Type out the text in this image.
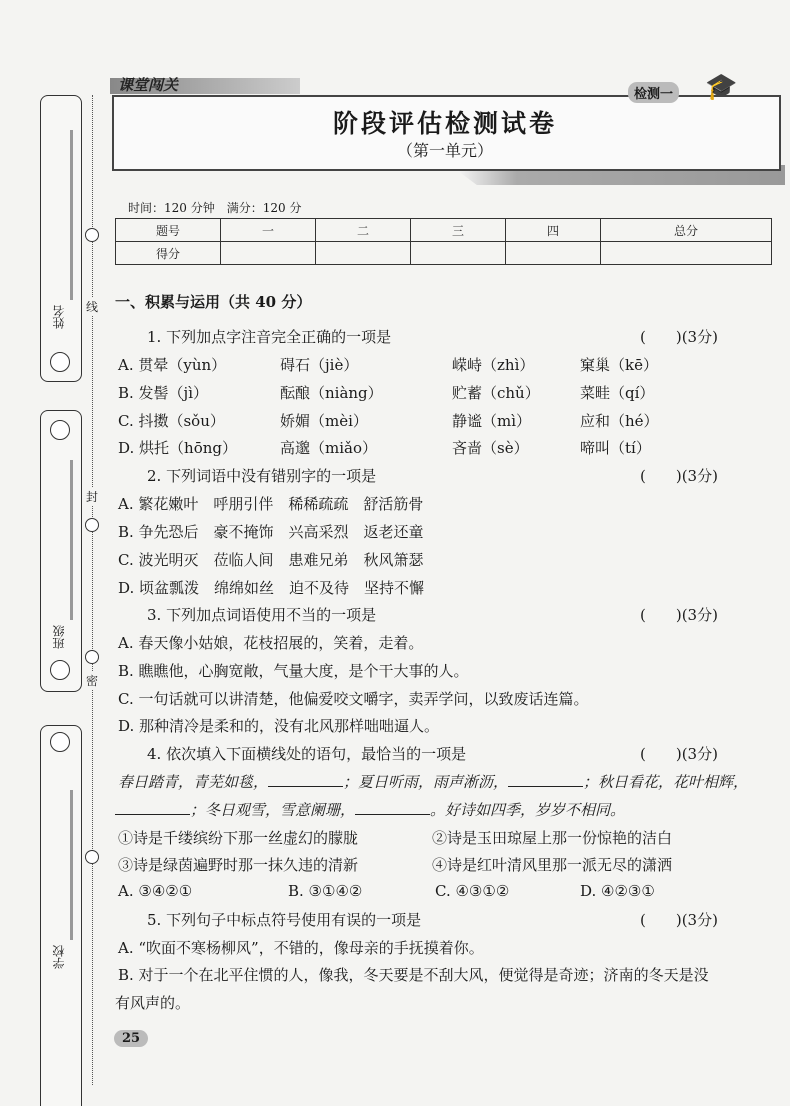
姓名
班级
学校
线
封
密
课堂闯关
检测一 🎓
阶段评估检测试卷
（第一单元）
时间：120 分钟　满分：120 分
题号	一	二	三	四	总分
得分					
一、积累与运用（共 40 分）
1. 下列加点字注音完全正确的一项是	(　　)(3分)
A. 贯晕（yùn）	碍石（jiè）	嵘峙（zhì）	窠巢（kē）
B. 发髻（jì）	酝酿（niàng）	贮蓄（chǔ）	菜畦（qí）
C. 抖擞（sǒu）	娇媚（mèi）	静谧（mì）	应和（hé）
D. 烘托（hōng）	高邈（miǎo）	吝啬（sè）	啼叫（tí）
2. 下列词语中没有错别字的一项是	(　　)(3分)
A. 繁花嫩叶　呼朋引伴　稀稀疏疏　舒活筋骨
B. 争先恐后　豪不掩饰　兴高采烈　返老还童
C. 波光明灭　莅临人间　患难兄弟　秋风箫瑟
D. 顷盆瓢泼　绵绵如丝　迫不及待　坚持不懈
3. 下列加点词语使用不当的一项是	(　　)(3分)
A. 春天像小姑娘，花枝招展的，笑着，走着。
B. 瞧瞧他，心胸宽敞，气量大度，是个干大事的人。
C. 一句话就可以讲清楚，他偏爱咬文嚼字，卖弄学问，以致废话连篇。
D. 那种清冷是柔和的，没有北风那样咄咄逼人。
4. 依次填入下面横线处的语句，最恰当的一项是	(　　)(3分)
春日踏青，青芜如毯，	；夏日听雨，雨声淅沥，	；秋日看花，花叶相辉，
；冬日观雪，雪意阑珊，	。好诗如四季，岁岁不相同。
①诗是千缕缤纷下那一丝虚幻的朦胧	②诗是玉田琼屋上那一份惊艳的洁白
③诗是绿茵遍野时那一抹久违的清新	④诗是红叶清风里那一派无尽的潇洒
A. ③④②①	B. ③①④②	C. ④③①②	D. ④②③①
5. 下列句子中标点符号使用有误的一项是	(　　)(3分)
A. “吹面不寒杨柳风”，不错的，像母亲的手抚摸着你。
B. 对于一个在北平住惯的人，像我，冬天要是不刮大风，便觉得是奇迹；济南的冬天是没
有风声的。
25
